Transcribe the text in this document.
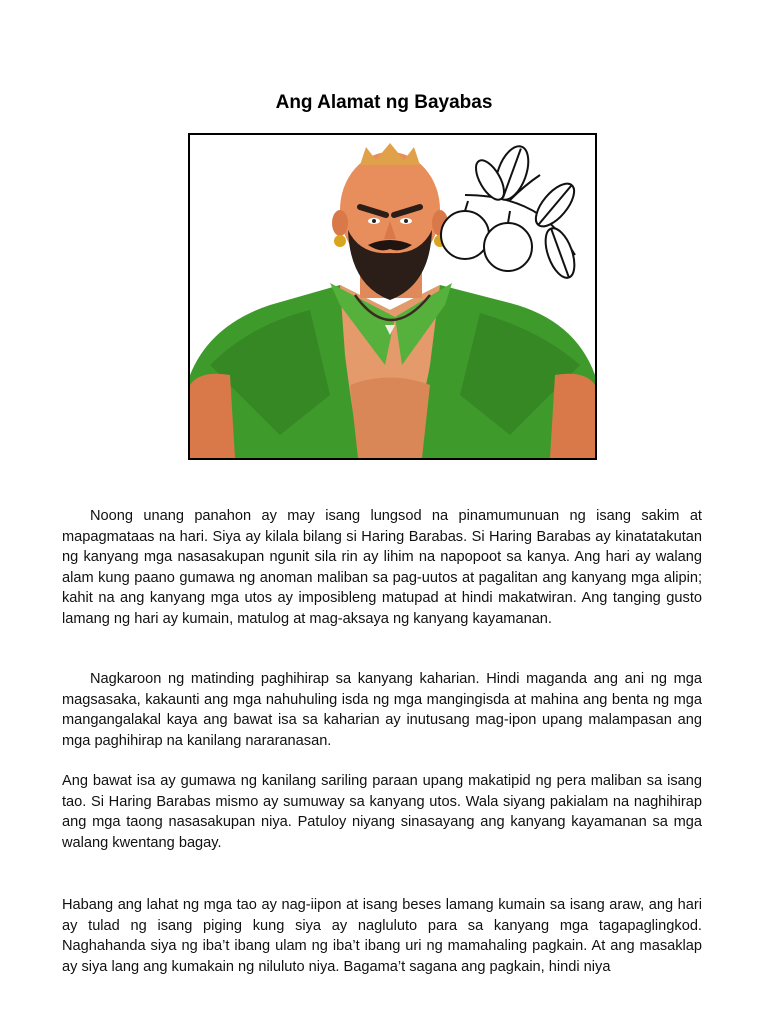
Ang Alamat ng Bayabas

Noong unang panahon ay may isang lungsod na pinamumunuan ng isang sakim at mapagmataas na hari. Siya ay kilala bilang si Haring Barabas. Si Haring Barabas ay kinatatakutan ng kanyang mga nasasakupan ngunit sila rin ay lihim na napopoot sa kanya. Ang hari ay walang alam kung paano gumawa ng anoman maliban sa pag-uutos at pagalitan ang kanyang mga alipin; kahit na ang kanyang mga utos ay imposibleng matupad at hindi makatwiran. Ang tanging gusto lamang ng hari ay kumain, matulog at mag-aksaya ng kanyang kayamanan.

Nagkaroon ng matinding paghihirap sa kanyang kaharian. Hindi maganda ang ani ng mga magsasaka, kakaunti ang mga nahuhuling isda ng mga mangingisda at mahina ang benta ng mga mangangalakal kaya ang bawat isa sa kaharian ay inutusang mag-ipon upang malampasan ang mga paghihirap na kanilang nararanasan.

Ang bawat isa ay gumawa ng kanilang sariling paraan upang makatipid ng pera maliban sa isang tao. Si Haring Barabas mismo ay sumuway sa kanyang utos. Wala siyang pakialam na naghihirap ang mga taong nasasakupan niya. Patuloy niyang sinasayang ang kanyang kayamanan sa mga walang kwentang bagay.

Habang ang lahat ng mga tao ay nag-iipon at isang beses lamang kumain sa isang araw, ang hari ay tulad ng isang piging kung siya ay nagluluto para sa kanyang mga tagapaglingkod. Naghahanda siya ng iba’t ibang ulam ng iba’t ibang uri ng mamahaling pagkain. At ang masaklap ay siya lang ang kumakain ng niluluto niya. Bagama’t sagana ang pagkain, hindi niya
